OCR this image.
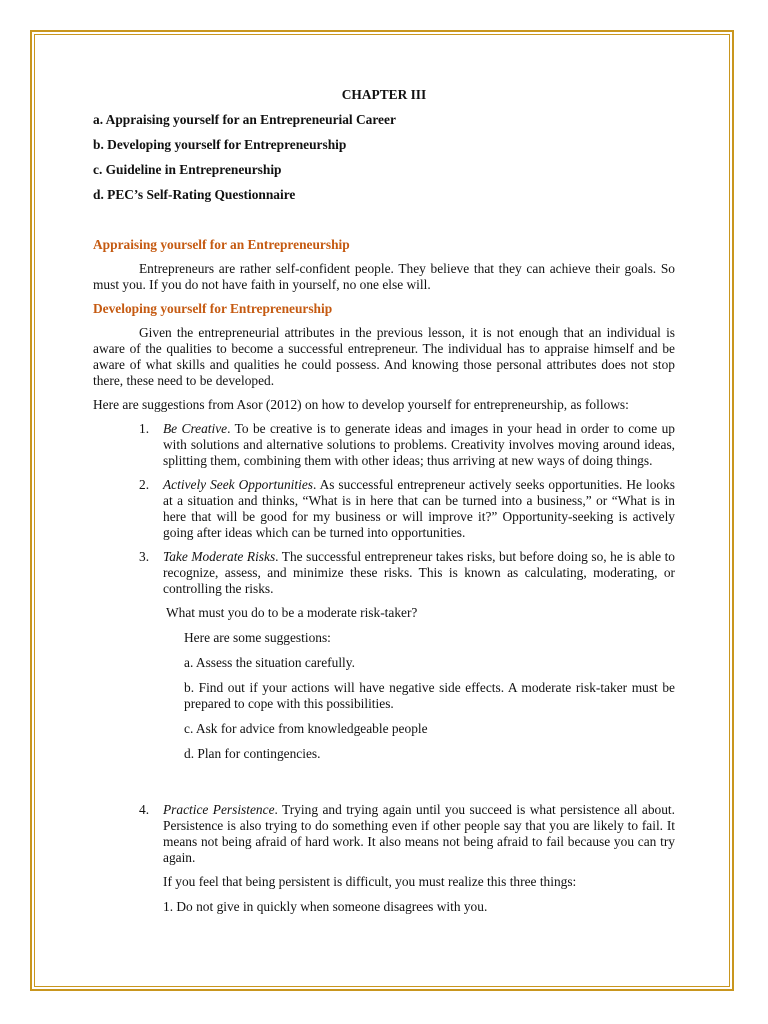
CHAPTER III
a. Appraising yourself for an Entrepreneurial Career
b. Developing yourself for Entrepreneurship
c. Guideline in Entrepreneurship
d. PEC’s Self-Rating Questionnaire
Appraising yourself for an Entrepreneurship

Entrepreneurs are rather self-confident people. They believe that they can achieve their goals. So must you. If you do not have faith in yourself, no one else will.

Developing yourself for Entrepreneurship

Given the entrepreneurial attributes in the previous lesson, it is not enough that an individual is aware of the qualities to become a successful entrepreneur. The individual has to appraise himself and be aware of what skills and qualities he could possess. And knowing those personal attributes does not stop there, these need to be developed.

Here are suggestions from Asor (2012) on how to develop yourself for entrepreneurship, as follows:

1. Be Creative. To be creative is to generate ideas and images in your head in order to come up with solutions and alternative solutions to problems. Creativity involves moving around ideas, splitting them, combining them with other ideas; thus arriving at new ways of doing things.
2. Actively Seek Opportunities. As successful entrepreneur actively seeks opportunities. He looks at a situation and thinks, “What is in here that can be turned into a business,” or “What is in here that will be good for my business or will improve it?” Opportunity-seeking is actively going after ideas which can be turned into opportunities.
3. Take Moderate Risks. The successful entrepreneur takes risks, but before doing so, he is able to recognize, assess, and minimize these risks. This is known as calculating, moderating, or controlling the risks.
What must you do to be a moderate risk-taker?
Here are some suggestions:
a. Assess the situation carefully.
b. Find out if your actions will have negative side effects. A moderate risk-taker must be prepared to cope with this possibilities.
c. Ask for advice from knowledgeable people
d. Plan for contingencies.
4. Practice Persistence. Trying and trying again until you succeed is what persistence all about. Persistence is also trying to do something even if other people say that you are likely to fail. It means not being afraid of hard work. It also means not being afraid to fail because you can try again.
If you feel that being persistent is difficult, you must realize this three things:
1. Do not give in quickly when someone disagrees with you.
